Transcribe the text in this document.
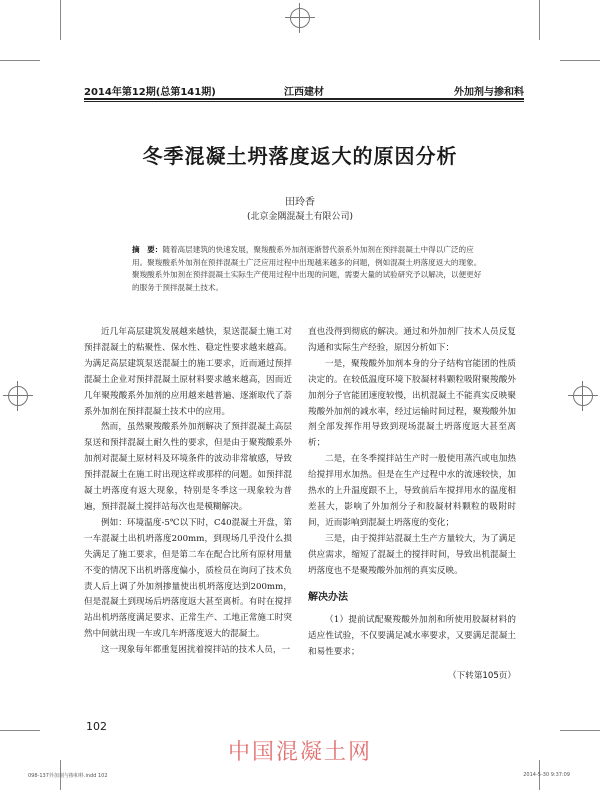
2014年第12期(总第141期)	江西建材	外加剂与掺和料
冬季混凝土坍落度返大的原因分析
田玲香
(北京金隅混凝土有限公司)
摘　要：随着高层建筑的快速发展，聚羧酸系外加剂逐渐替代萘系外加剂在预拌混凝土中得以广泛的应用。聚羧酸系外加剂在预拌混凝土广泛应用过程中出现越来越多的问题，例如混凝土坍落度返大的现象。聚羧酸系外加剂在预拌混凝土实际生产使用过程中出现的问题，需要大量的试验研究予以解决，以便更好的服务于预拌混凝土技术。

近几年高层建筑发展越来越快，泵送混凝土施工对预拌混凝土的粘聚性、保水性、稳定性要求越来越高。为满足高层建筑泵送混凝土的施工要求，近而通过预拌混凝土企业对预拌混凝土原材料要求越来越高，因而近几年聚羧酸系外加剂的应用越来越普遍、逐渐取代了萘系外加剂在预拌混凝土技术中的应用。

然而，虽然聚羧酸系外加剂解决了预拌混凝土高层泵送和预拌混凝土耐久性的要求，但是由于聚羧酸系外加剂对混凝土原材料及环境条件的波动非常敏感，导致预拌混凝土在施工时出现这样或那样的问题。如预拌混凝土坍落度有返大现象，特别是冬季这一现象较为普遍，预拌混凝土搅拌站每次也是模糊解决。

例如：环境温度-5℃以下时，C40混凝土开盘，第一车混凝土出机坍落度200mm，到现场几乎没什么损失满足了施工要求，但是第二车在配合比所有原材用量不变的情况下出机坍落度偏小，质检员在询问了技术负责人后上调了外加剂掺量使出机坍落度达到200mm，但是混凝土到现场后坍落度返大甚至离析。有时在搅拌站出机坍落度满足要求、正常生产、工地正常施工时突然中间就出现一车或几车坍落度返大的混凝土。

这一现象每年都重复困扰着搅拌站的技术人员，一

直也没得到彻底的解决。通过和外加剂厂技术人员反复沟通和实际生产经验，原因分析如下：

一是，聚羧酸外加剂本身的分子结构官能团的性质决定的。在较低温度环境下胶凝材料颗粒吸附聚羧酸外加剂分子官能团速度较慢，出机混凝土不能真实反映聚羧酸外加剂的减水率，经过运输时间过程，聚羧酸外加剂全部发挥作用导致到现场混凝土坍落度返大甚至离析；

二是，在冬季搅拌站生产时一般使用蒸汽或电加热给搅拌用水加热。但是在生产过程中水的流速较快，加热水的上升温度跟不上，导致前后车搅拌用水的温度相差甚大，影响了外加剂分子和胶凝材料颗粒的吸附时间，近而影响到混凝土坍落度的变化；

三是，由于搅拌站混凝土生产方量较大，为了满足供应需求，缩短了混凝土的搅拌时间，导致出机混凝土坍落度也不是聚羧酸外加剂的真实反映。

解决办法

（1）提前试配聚羧酸外加剂和所使用胶凝材料的适应性试验，不仅要满足减水率要求，又要满足混凝土和易性要求；

（下转第105页）
102
中国混凝土网
098-137外加剂与掺和料.indd 102	2014-5-30 9:37:09
